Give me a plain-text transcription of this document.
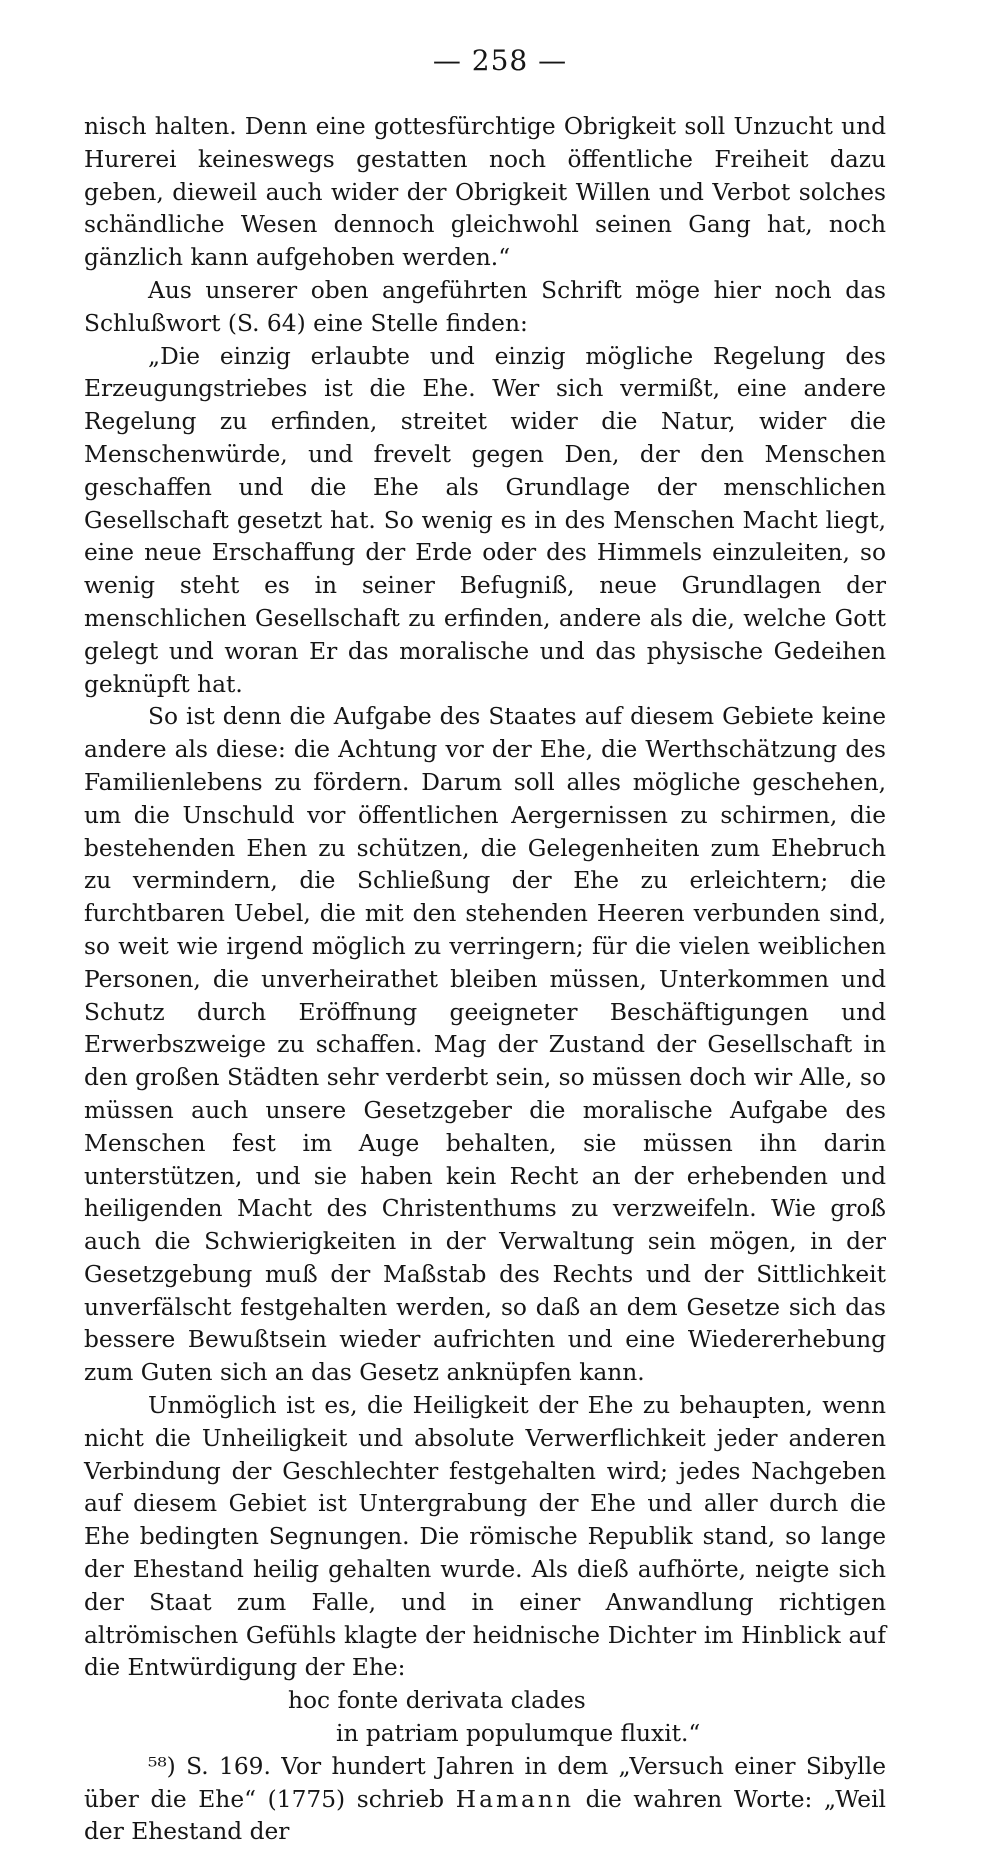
— 258 —

nisch halten. Denn eine gottesfürchtige Obrigkeit soll Unzucht und Hurerei keineswegs gestatten noch öffentliche Freiheit dazu geben, dieweil auch wider der Obrigkeit Willen und Verbot solches schändliche Wesen dennoch gleichwohl seinen Gang hat, noch gänzlich kann aufgehoben werden.“

Aus unserer oben angeführten Schrift möge hier noch das Schlußwort (S. 64) eine Stelle finden:

„Die einzig erlaubte und einzig mögliche Regelung des Erzeugungstriebes ist die Ehe. Wer sich vermißt, eine andere Regelung zu erfinden, streitet wider die Natur, wider die Menschenwürde, und frevelt gegen Den, der den Menschen geschaffen und die Ehe als Grundlage der menschlichen Gesellschaft gesetzt hat. So wenig es in des Menschen Macht liegt, eine neue Erschaffung der Erde oder des Himmels einzuleiten, so wenig steht es in seiner Befugniß, neue Grundlagen der menschlichen Gesellschaft zu erfinden, andere als die, welche Gott gelegt und woran Er das moralische und das physische Gedeihen geknüpft hat.

So ist denn die Aufgabe des Staates auf diesem Gebiete keine andere als diese: die Achtung vor der Ehe, die Werthschätzung des Familienlebens zu fördern. Darum soll alles mögliche geschehen, um die Unschuld vor öffentlichen Aergernissen zu schirmen, die bestehenden Ehen zu schützen, die Gelegenheiten zum Ehebruch zu vermindern, die Schließung der Ehe zu erleichtern; die furchtbaren Uebel, die mit den stehenden Heeren verbunden sind, so weit wie irgend möglich zu verringern; für die vielen weiblichen Personen, die unverheirathet bleiben müssen, Unterkommen und Schutz durch Eröffnung geeigneter Beschäftigungen und Erwerbszweige zu schaffen. Mag der Zustand der Gesellschaft in den großen Städten sehr verderbt sein, so müssen doch wir Alle, so müssen auch unsere Gesetzgeber die moralische Aufgabe des Menschen fest im Auge behalten, sie müssen ihn darin unterstützen, und sie haben kein Recht an der erhebenden und heiligenden Macht des Christenthums zu verzweifeln. Wie groß auch die Schwierigkeiten in der Verwaltung sein mögen, in der Gesetzgebung muß der Maßstab des Rechts und der Sittlichkeit unverfälscht festgehalten werden, so daß an dem Gesetze sich das bessere Bewußtsein wieder aufrichten und eine Wiedererhebung zum Guten sich an das Gesetz anknüpfen kann.

Unmöglich ist es, die Heiligkeit der Ehe zu behaupten, wenn nicht die Unheiligkeit und absolute Verwerflichkeit jeder anderen Verbindung der Geschlechter festgehalten wird; jedes Nachgeben auf diesem Gebiet ist Untergrabung der Ehe und aller durch die Ehe bedingten Segnungen. Die römische Republik stand, so lange der Ehestand heilig gehalten wurde. Als dieß aufhörte, neigte sich der Staat zum Falle, und in einer Anwandlung richtigen altrömischen Gefühls klagte der heidnische Dichter im Hinblick auf die Entwürdigung der Ehe:

hoc fonte derivata clades

in patriam populumque fluxit.“

⁵⁸) S. 169. Vor hundert Jahren in dem „Versuch einer Sibylle über die Ehe“ (1775) schrieb Hamann die wahren Worte: „Weil der Ehestand der
